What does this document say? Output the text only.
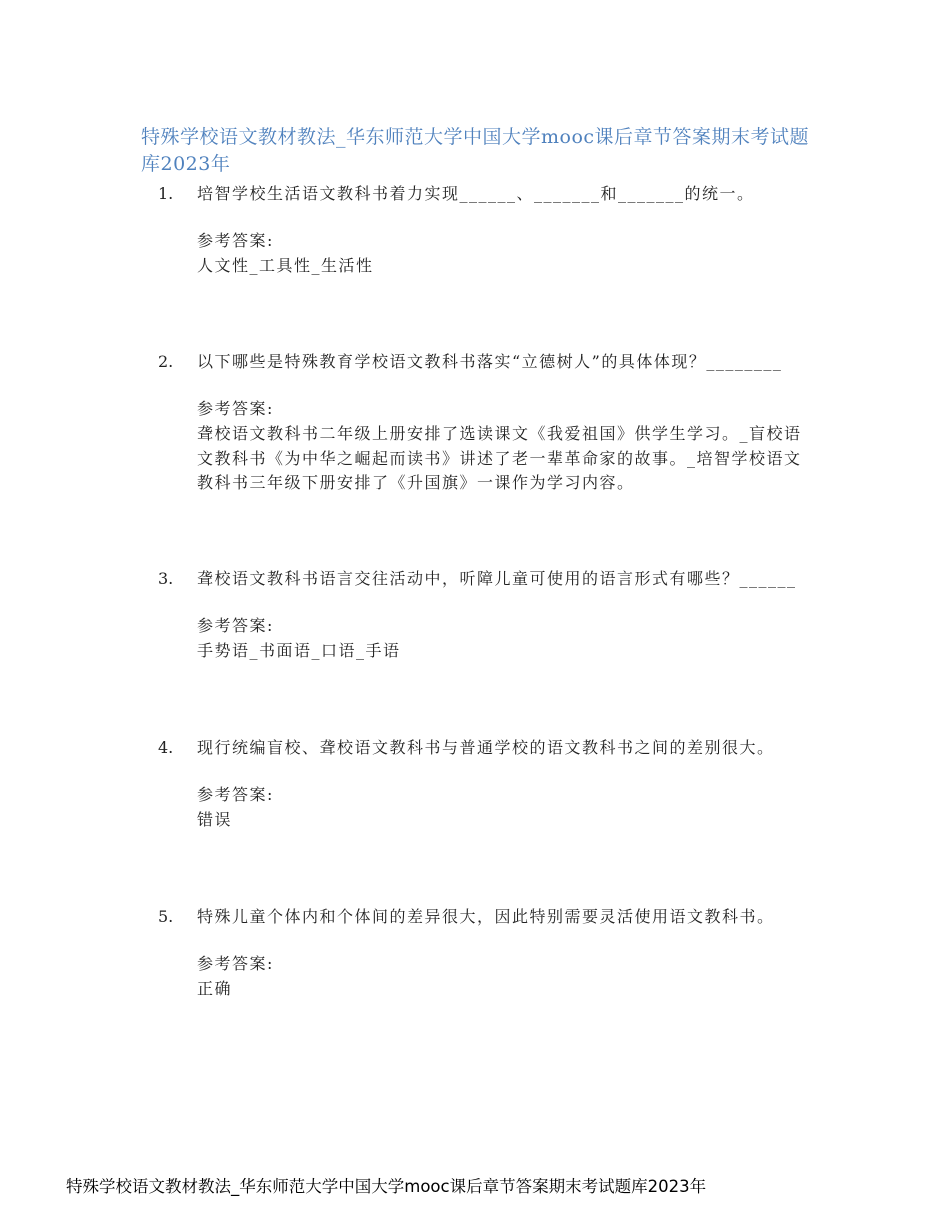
特殊学校语文教材教法_华东师范大学中国大学mooc课后章节答案期末考试题库2023年
1. 培智学校生活语文教科书着力实现______、_______和_______的统一。
参考答案:
人文性_工具性_生活性
2. 以下哪些是特殊教育学校语文教科书落实“立德树人”的具体体现？________
参考答案:
聋校语文教科书二年级上册安排了选读课文《我爱祖国》供学生学习。_盲校语文教科书《为中华之崛起而读书》讲述了老一辈革命家的故事。_培智学校语文教科书三年级下册安排了《升国旗》一课作为学习内容。
3. 聋校语文教科书语言交往活动中，听障儿童可使用的语言形式有哪些？______
参考答案:
手势语_书面语_口语_手语
4. 现行统编盲校、聋校语文教科书与普通学校的语文教科书之间的差别很大。
参考答案:
错误
5. 特殊儿童个体内和个体间的差异很大，因此特别需要灵活使用语文教科书。
参考答案:
正确
特殊学校语文教材教法_华东师范大学中国大学mooc课后章节答案期末考试题库2023年
